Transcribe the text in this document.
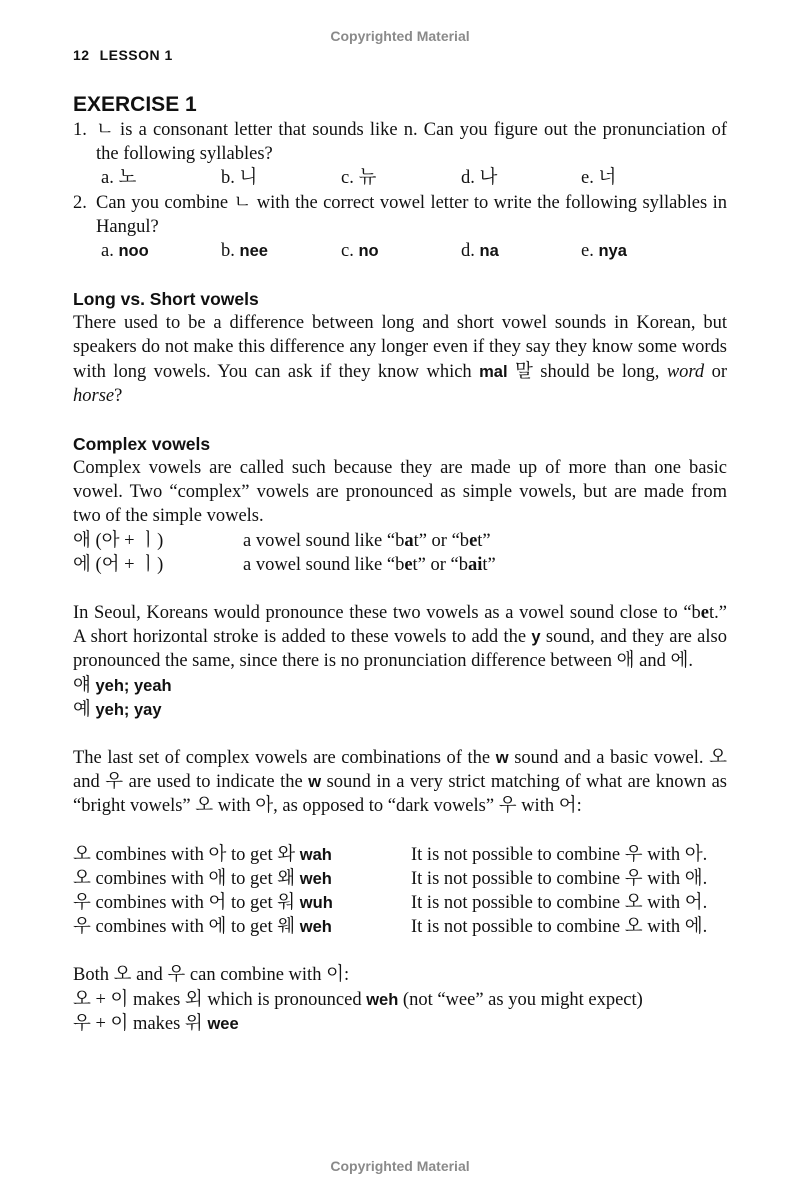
Copyrighted Material
12 LESSON 1
EXERCISE 1
1. ㄴ is a consonant letter that sounds like n. Can you figure out the pronunciation of the following syllables?
a. 노	b. 니	c. 뉴	d. 나	e. 너
2. Can you combine ㄴ with the correct vowel letter to write the following syllables in Hangul?
a. noo	b. nee	c. no	d. na	e. nya
Long vs. Short vowels

There used to be a difference between long and short vowel sounds in Korean, but speakers do not make this difference any longer even if they say they know some words with long vowels. You can ask if they know which mal 말 should be long, word or horse?

Complex vowels

Complex vowels are called such because they are made up of more than one basic vowel. Two “complex” vowels are pronounced as simple vowels, but are made from two of the simple vowels.

애 (아 + ㅣ)	a vowel sound like “bat” or “bet”
에 (어 + ㅣ)	a vowel sound like “bet” or “bait”

In Seoul, Koreans would pronounce these two vowels as a vowel sound close to “bet.” A short horizontal stroke is added to these vowels to add the y sound, and they are also pronounced the same, since there is no pronunciation difference between 애 and 에.

얘 yeh; yeah

예 yeh; yay

The last set of complex vowels are combinations of the w sound and a basic vowel. 오 and 우 are used to indicate the w sound in a very strict matching of what are known as “bright vowels” 오 with 아, as opposed to “dark vowels” 우 with 어:

오 combines with 아 to get 와 wah	It is not possible to combine 우 with 아.
오 combines with 애 to get 왜 weh	It is not possible to combine 우 with 애.
우 combines with 어 to get 워 wuh	It is not possible to combine 오 with 어.
우 combines with 에 to get 웨 weh	It is not possible to combine 오 with 에.

Both 오 and 우 can combine with 이:

오 + 이 makes 외 which is pronounced weh (not “wee” as you might expect)

우 + 이 makes 위 wee

Copyrighted Material
